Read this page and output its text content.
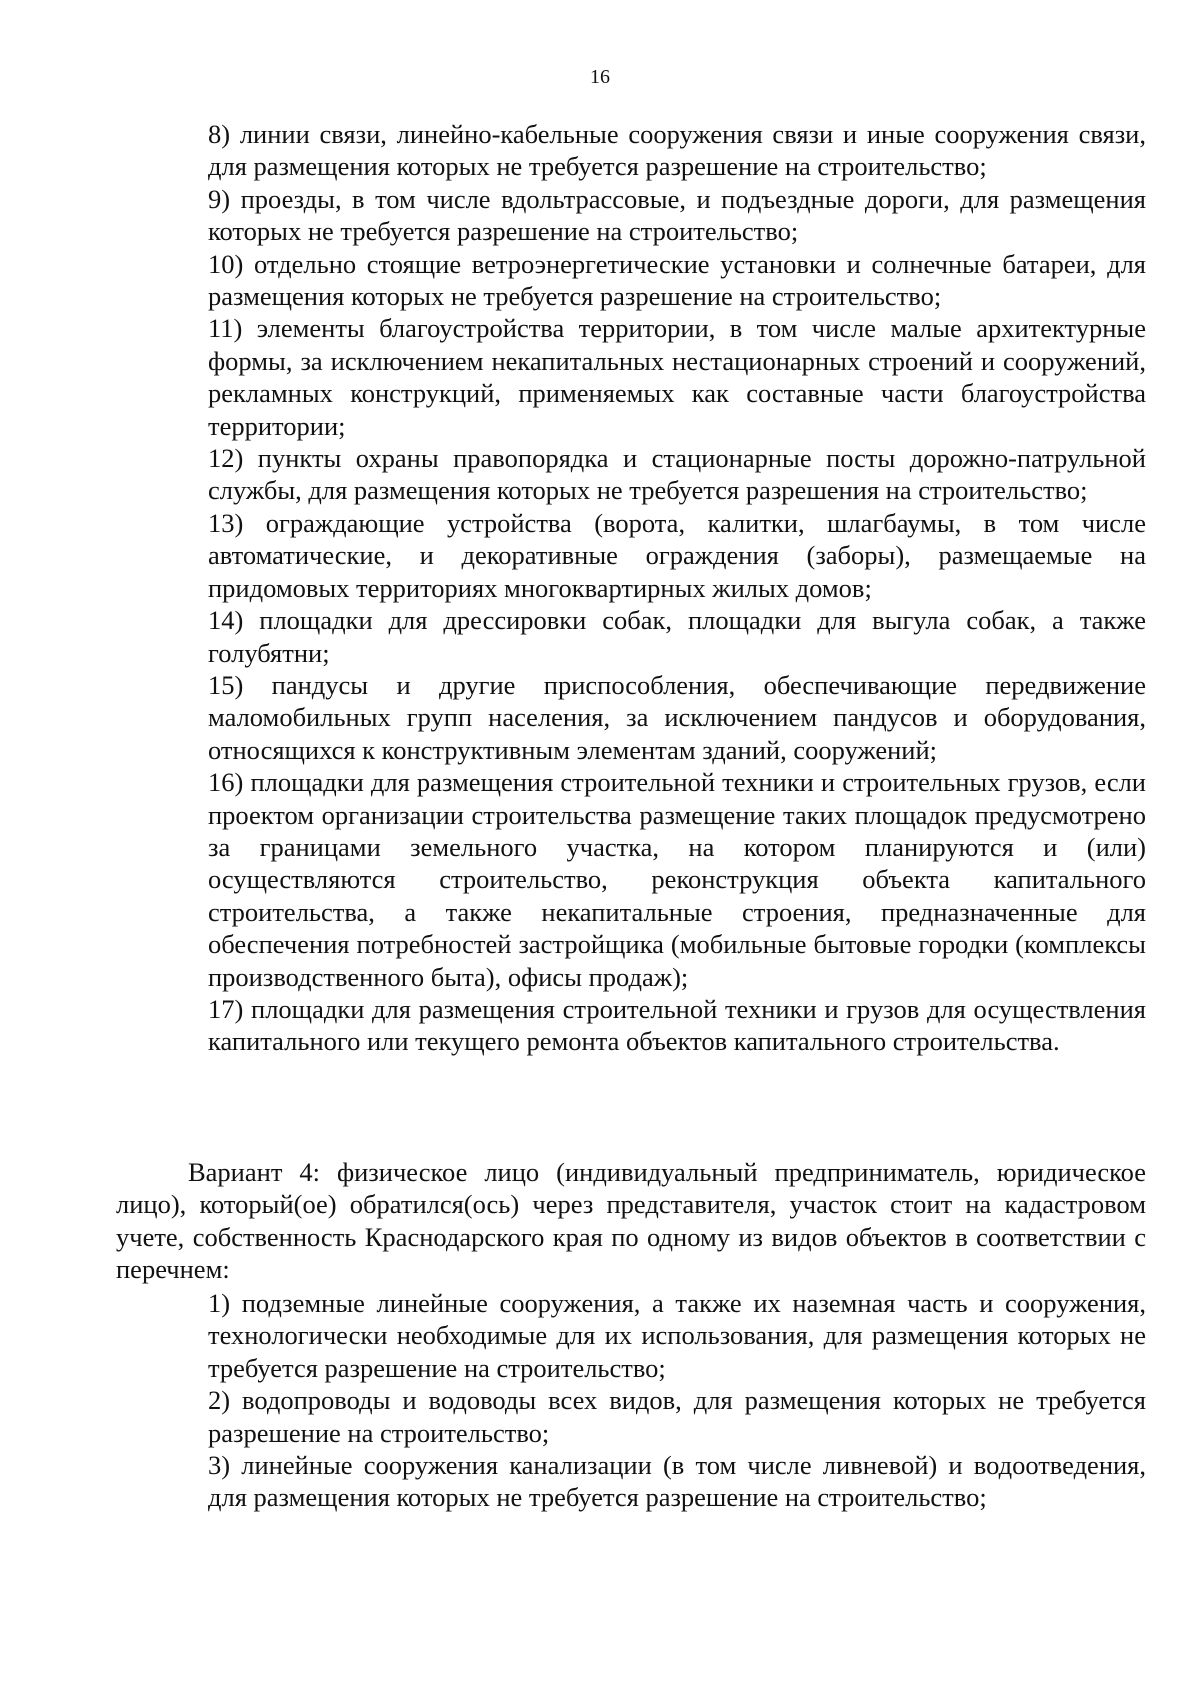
16

8) линии связи, линейно-кабельные сооружения связи и иные сооружения связи, для размещения которых не требуется разрешение на строительство;

9) проезды, в том числе вдольтрассовые, и подъездные дороги, для размещения которых не требуется разрешение на строительство;

10) отдельно стоящие ветроэнергетические установки и солнечные батареи, для размещения которых не требуется разрешение на строительство;

11) элементы благоустройства территории, в том числе малые архитектурные формы, за исключением некапитальных нестационарных строений и сооружений, рекламных конструкций, применяемых как составные части благоустройства территории;

12) пункты охраны правопорядка и стационарные посты дорожно-патрульной службы, для размещения которых не требуется разрешения на строительство;

13) ограждающие устройства (ворота, калитки, шлагбаумы, в том числе автоматические, и декоративные ограждения (заборы), размещаемые на придомовых территориях многоквартирных жилых домов;

14) площадки для дрессировки собак, площадки для выгула собак, а также голубятни;

15) пандусы и другие приспособления, обеспечивающие передвижение маломобильных групп населения, за исключением пандусов и оборудования, относящихся к конструктивным элементам зданий, сооружений;

16) площадки для размещения строительной техники и строительных грузов, если проектом организации строительства размещение таких площадок предусмотрено за границами земельного участка, на котором планируются и (или) осуществляются строительство, реконструкция объекта капитального строительства, а также некапитальные строения, предназначенные для обеспечения потребностей застройщика (мобильные бытовые городки (комплексы производственного быта), офисы продаж);

17) площадки для размещения строительной техники и грузов для осуществления капитального или текущего ремонта объектов капитального строительства.

Вариант 4: физическое лицо (индивидуальный предприниматель, юридическое лицо), который(ое) обратился(ось) через представителя, участок стоит на кадастровом учете, собственность Краснодарского края по одному из видов объектов в соответствии с перечнем:

1) подземные линейные сооружения, а также их наземная часть и сооружения, технологически необходимые для их использования, для размещения которых не требуется разрешение на строительство;

2) водопроводы и водоводы всех видов, для размещения которых не требуется разрешение на строительство;

3) линейные сооружения канализации (в том числе ливневой) и водоотведения, для размещения которых не требуется разрешение на строительство;
